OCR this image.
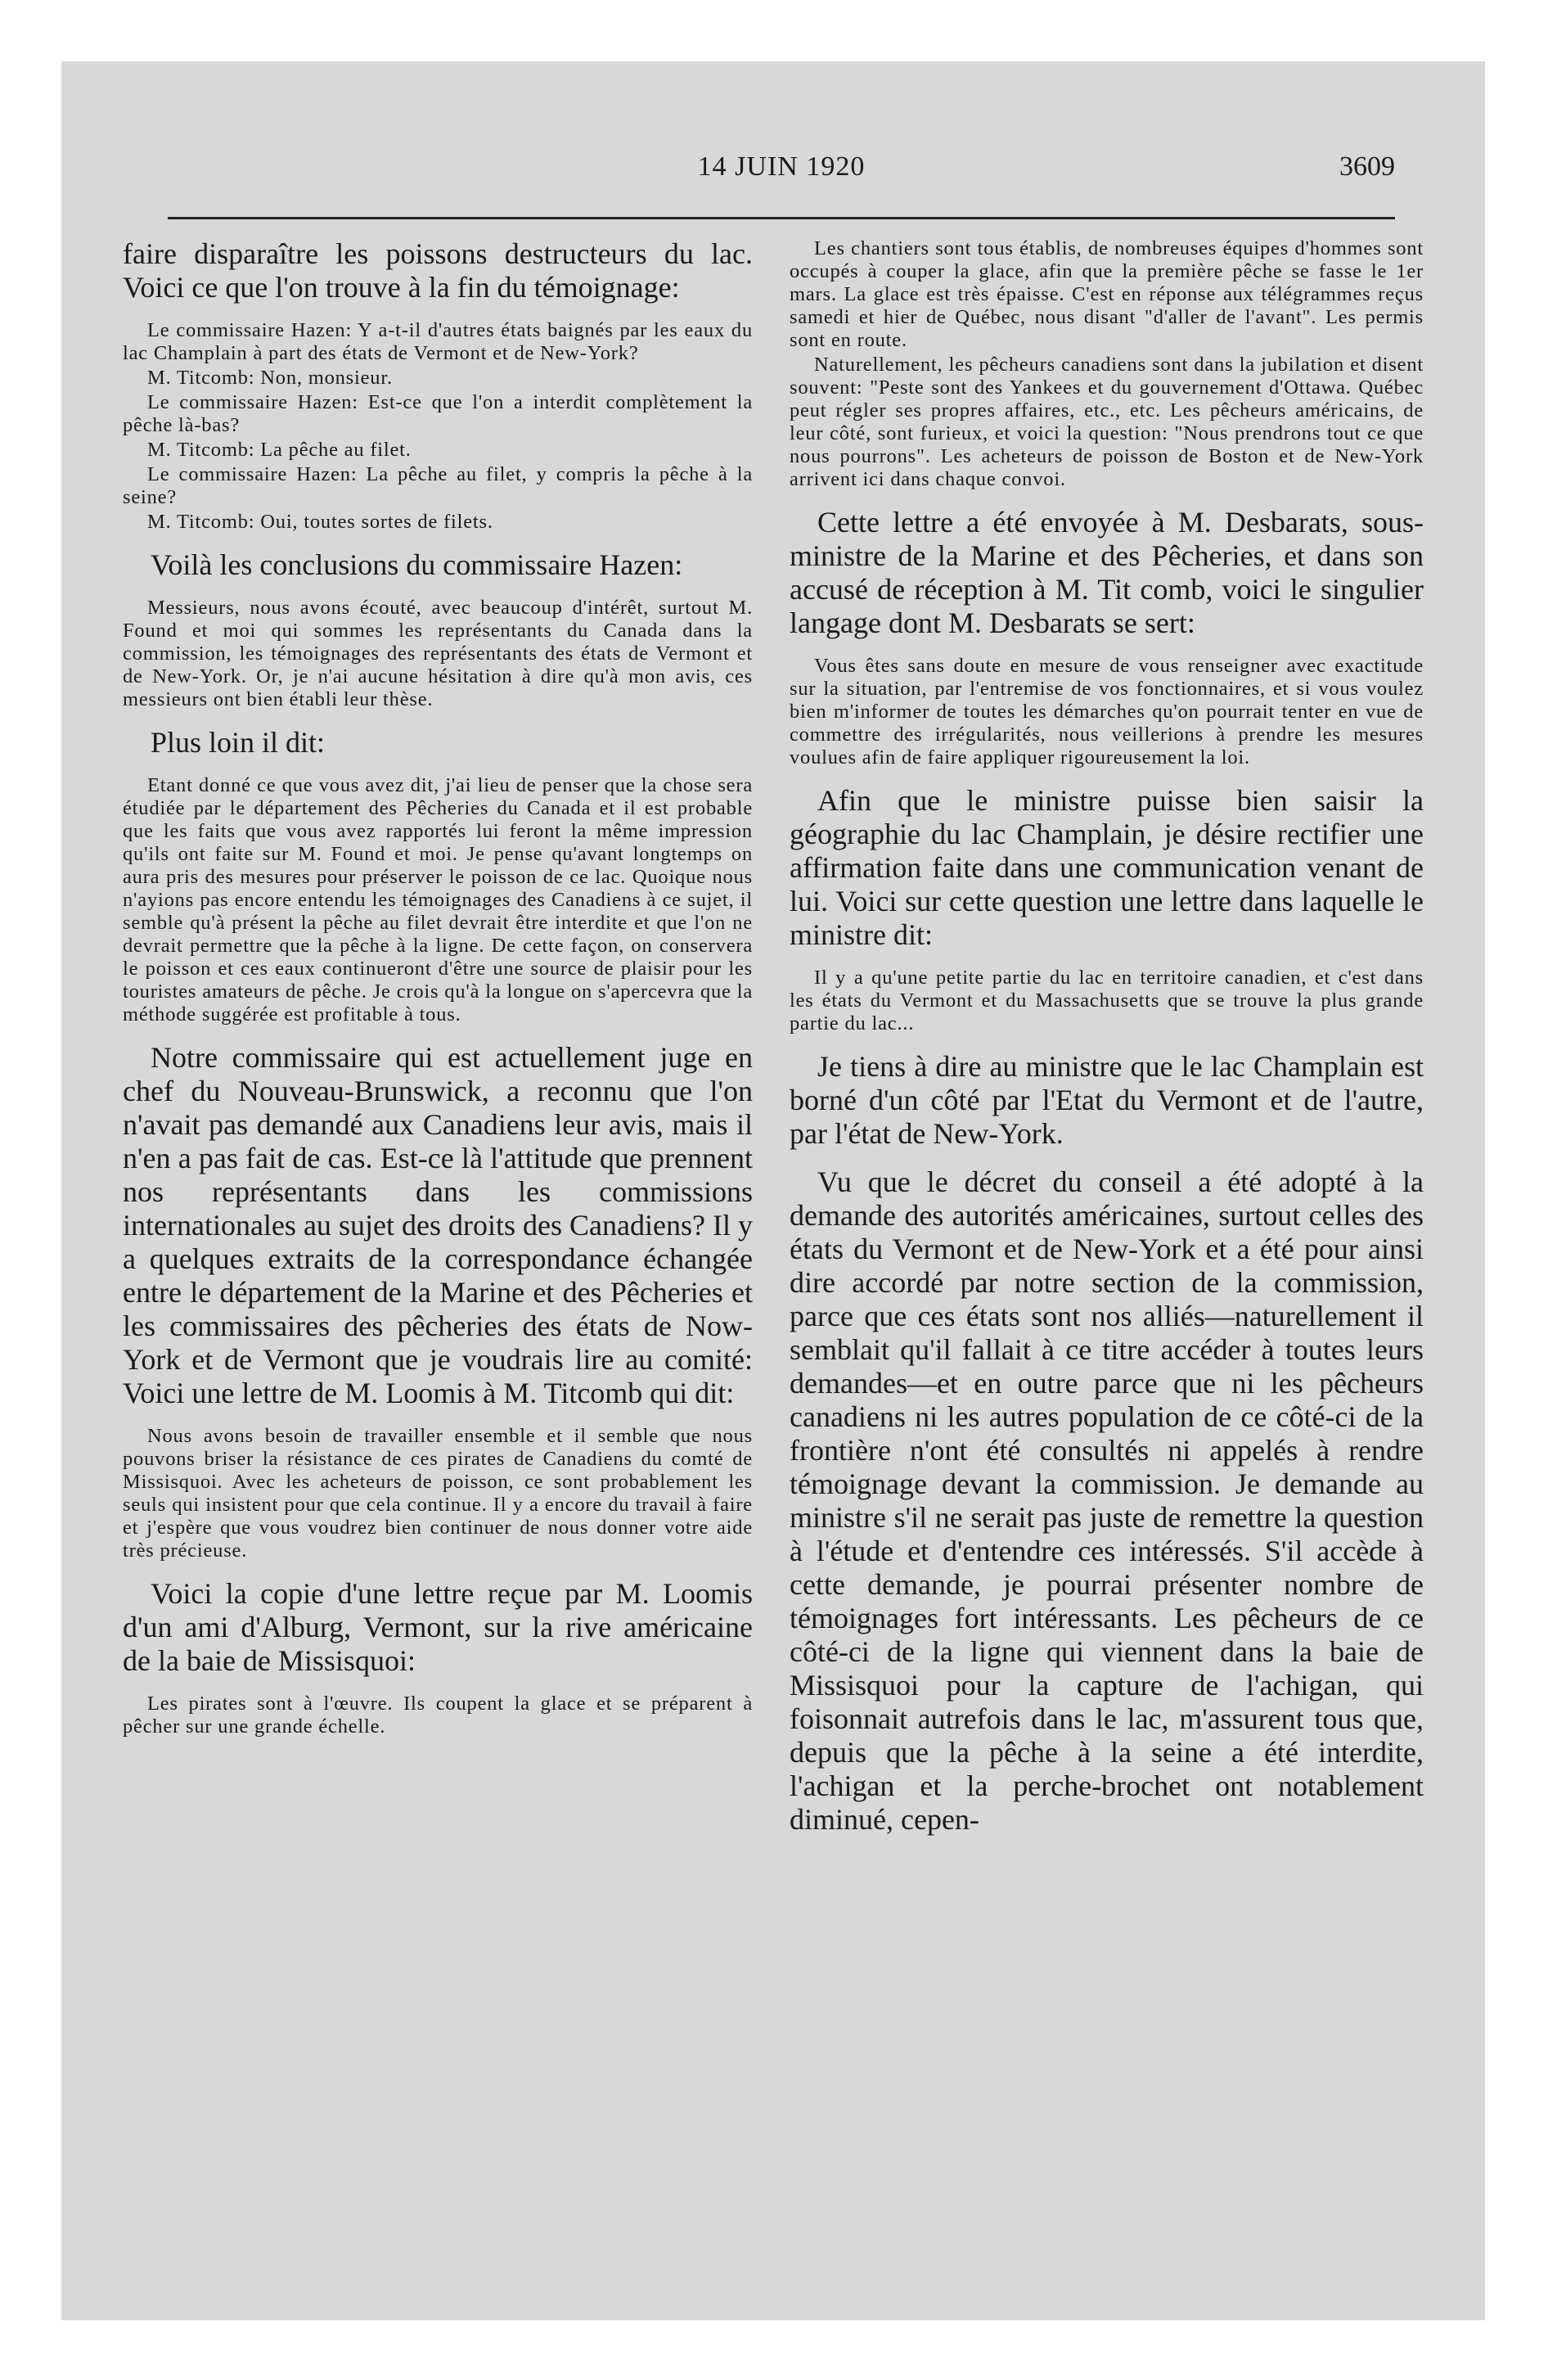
14 JUIN 1920	3609

faire disparaître les poissons destructeurs du lac. Voici ce que l'on trouve à la fin du témoignage:

Le commissaire Hazen: Y a-t-il d'autres états baignés par les eaux du lac Champlain à part des états de Vermont et de New-York?

M. Titcomb: Non, monsieur.

Le commissaire Hazen: Est-ce que l'on a interdit complètement la pêche là-bas?

M. Titcomb: La pêche au filet.

Le commissaire Hazen: La pêche au filet, y compris la pêche à la seine?

M. Titcomb: Oui, toutes sortes de filets.

Voilà les conclusions du commissaire Hazen:

Messieurs, nous avons écouté, avec beaucoup d'intérêt, surtout M. Found et moi qui sommes les représentants du Canada dans la commission, les témoignages des représentants des états de Vermont et de New-York. Or, je n'ai aucune hésitation à dire qu'à mon avis, ces messieurs ont bien établi leur thèse.

Plus loin il dit:

Etant donné ce que vous avez dit, j'ai lieu de penser que la chose sera étudiée par le département des Pêcheries du Canada et il est probable que les faits que vous avez rapportés lui feront la même impression qu'ils ont faite sur M. Found et moi. Je pense qu'avant longtemps on aura pris des mesures pour préserver le poisson de ce lac. Quoique nous n'ayions pas encore entendu les témoignages des Canadiens à ce sujet, il semble qu'à présent la pêche au filet devrait être interdite et que l'on ne devrait permettre que la pêche à la ligne. De cette façon, on conservera le poisson et ces eaux continueront d'être une source de plaisir pour les touristes amateurs de pêche. Je crois qu'à la longue on s'apercevra que la méthode suggérée est profitable à tous.

Notre commissaire qui est actuellement juge en chef du Nouveau-Brunswick, a reconnu que l'on n'avait pas demandé aux Canadiens leur avis, mais il n'en a pas fait de cas. Est-ce là l'attitude que prennent nos représentants dans les commissions internationales au sujet des droits des Canadiens? Il y a quelques extraits de la correspondance échangée entre le département de la Marine et des Pêcheries et les commissaires des pêcheries des états de Now-York et de Vermont que je voudrais lire au comité: Voici une lettre de M. Loomis à M. Titcomb qui dit:

Nous avons besoin de travailler ensemble et il semble que nous pouvons briser la résistance de ces pirates de Canadiens du comté de Missisquoi. Avec les acheteurs de poisson, ce sont probablement les seuls qui insistent pour que cela continue. Il y a encore du travail à faire et j'espère que vous voudrez bien continuer de nous donner votre aide très précieuse.

Voici la copie d'une lettre reçue par M. Loomis d'un ami d'Alburg, Vermont, sur la rive américaine de la baie de Missisquoi:

Les pirates sont à l'œuvre. Ils coupent la glace et se préparent à pêcher sur une grande échelle.

Les chantiers sont tous établis, de nombreuses équipes d'hommes sont occupés à couper la glace, afin que la première pêche se fasse le 1er mars. La glace est très épaisse. C'est en réponse aux télégrammes reçus samedi et hier de Québec, nous disant "d'aller de l'avant". Les permis sont en route.

Naturellement, les pêcheurs canadiens sont dans la jubilation et disent souvent: "Peste sont des Yankees et du gouvernement d'Ottawa. Québec peut régler ses propres affaires, etc., etc. Les pêcheurs américains, de leur côté, sont furieux, et voici la question: "Nous prendrons tout ce que nous pourrons". Les acheteurs de poisson de Boston et de New-York arrivent ici dans chaque convoi.

Cette lettre a été envoyée à M. Desbarats, sous-ministre de la Marine et des Pêcheries, et dans son accusé de réception à M. Tit comb, voici le singulier langage dont M. Desbarats se sert:

Vous êtes sans doute en mesure de vous renseigner avec exactitude sur la situation, par l'entremise de vos fonctionnaires, et si vous voulez bien m'informer de toutes les démarches qu'on pourrait tenter en vue de commettre des irrégularités, nous veillerions à prendre les mesures voulues afin de faire appliquer rigoureusement la loi.

Afin que le ministre puisse bien saisir la géographie du lac Champlain, je désire rectifier une affirmation faite dans une communication venant de lui. Voici sur cette question une lettre dans laquelle le ministre dit:

Il y a qu'une petite partie du lac en territoire canadien, et c'est dans les états du Vermont et du Massachusetts que se trouve la plus grande partie du lac...

Je tiens à dire au ministre que le lac Champlain est borné d'un côté par l'Etat du Vermont et de l'autre, par l'état de New-York.

Vu que le décret du conseil a été adopté à la demande des autorités américaines, surtout celles des états du Vermont et de New-York et a été pour ainsi dire accordé par notre section de la commission, parce que ces états sont nos alliés—naturellement il semblait qu'il fallait à ce titre accéder à toutes leurs demandes—et en outre parce que ni les pêcheurs canadiens ni les autres population de ce côté-ci de la frontière n'ont été consultés ni appelés à rendre témoignage devant la commission. Je demande au ministre s'il ne serait pas juste de remettre la question à l'étude et d'entendre ces intéressés. S'il accède à cette demande, je pourrai présenter nombre de témoignages fort intéressants. Les pêcheurs de ce côté-ci de la ligne qui viennent dans la baie de Missisquoi pour la capture de l'achigan, qui foisonnait autrefois dans le lac, m'assurent tous que, depuis que la pêche à la seine a été interdite, l'achigan et la perche-brochet ont notablement diminué, cepen-
